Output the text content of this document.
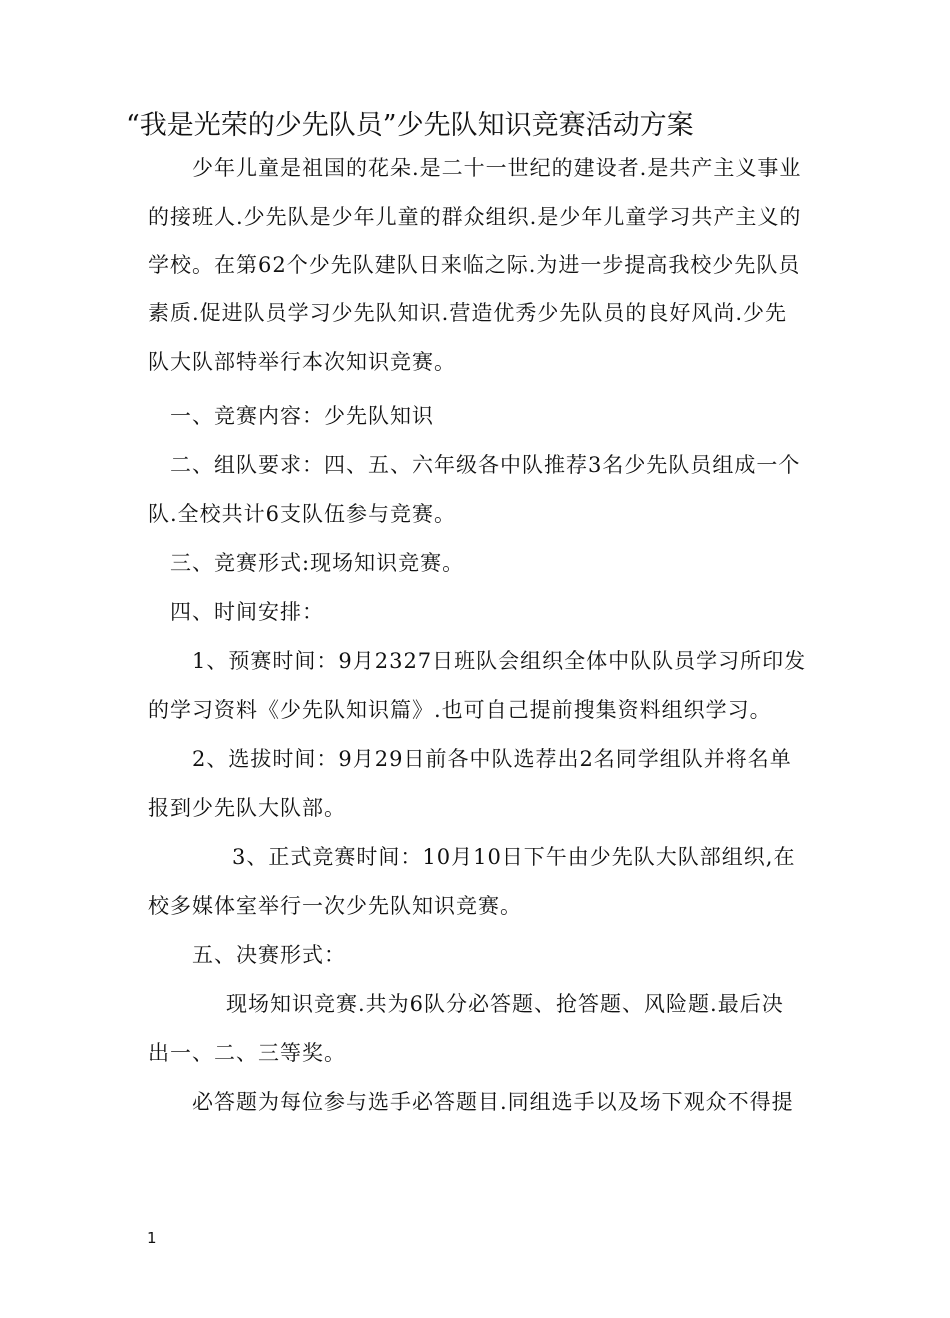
“我是光荣的少先队员”少先队知识竞赛活动方案
少年儿童是祖国的花朵.是二十一世纪的建设者.是共产主义事业
的接班人.少先队是少年儿童的群众组织.是少年儿童学习共产主义的
学校。在第62个少先队建队日来临之际.为进一步提高我校少先队员
素质.促进队员学习少先队知识.营造优秀少先队员的良好风尚.少先
队大队部特举行本次知识竞赛。
一、竞赛内容：少先队知识
二、组队要求：四、五、六年级各中队推荐3名少先队员组成一个
队.全校共计6支队伍参与竞赛。
三、竞赛形式:现场知识竞赛。
四、时间安排：
1、预赛时间：9月2327日班队会组织全体中队队员学习所印发
的学习资料《少先队知识篇》.也可自己提前搜集资料组织学习。
2、选拔时间：9月29日前各中队选荐出2名同学组队并将名单
报到少先队大队部。
3、正式竞赛时间：10月10日下午由少先队大队部组织,在
校多媒体室举行一次少先队知识竞赛。
五、决赛形式：
现场知识竞赛.共为6队分必答题、抢答题、风险题.最后决
出一、二、三等奖。
必答题为每位参与选手必答题目.同组选手以及场下观众不得提
1
